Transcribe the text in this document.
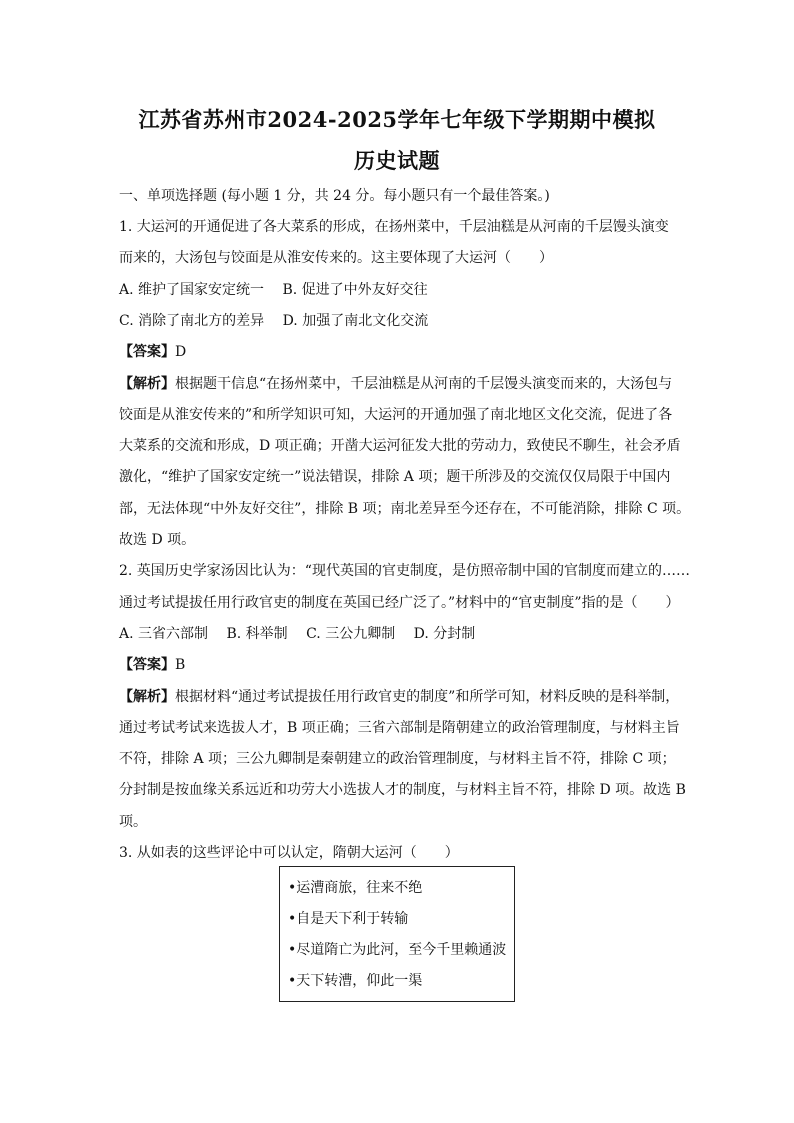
江苏省苏州市2024-2025学年七年级下学期期中模拟
历史试题
一、单项选择题 (每小题 1 分，共 24 分。每小题只有一个最佳答案。)
1. 大运河的开通促进了各大菜系的形成，在扬州菜中，千层油糕是从河南的千层馒头演变
而来的，大汤包与饺面是从淮安传来的。这主要体现了大运河（　　）
A. 维护了国家安定统一　 B. 促进了中外友好交往
C. 消除了南北方的差异　 D. 加强了南北文化交流
【答案】D
【解析】根据题干信息“在扬州菜中，千层油糕是从河南的千层馒头演变而来的，大汤包与
饺面是从淮安传来的”和所学知识可知，大运河的开通加强了南北地区文化交流，促进了各
大菜系的交流和形成，D 项正确；开凿大运河征发大批的劳动力，致使民不聊生，社会矛盾
激化，“维护了国家安定统一”说法错误，排除 A 项；题干所涉及的交流仅仅局限于中国内
部，无法体现“中外友好交往”，排除 B 项；南北差异至今还存在，不可能消除，排除 C 项。
故选 D 项。
2. 英国历史学家汤因比认为：“现代英国的官吏制度，是仿照帝制中国的官制度而建立的……
通过考试提拔任用行政官吏的制度在英国已经广泛了。”材料中的“官吏制度”指的是（　　）
A. 三省六部制　 B. 科举制　 C. 三公九卿制　 D. 分封制
【答案】B
【解析】根据材料“通过考试提拔任用行政官吏的制度”和所学可知，材料反映的是科举制，
通过考试考试来选拔人才，B 项正确；三省六部制是隋朝建立的政治管理制度，与材料主旨
不符，排除 A 项；三公九卿制是秦朝建立的政治管理制度，与材料主旨不符，排除 C 项；
分封制是按血缘关系远近和功劳大小选拔人才的制度，与材料主旨不符，排除 D 项。故选 B
项。
3. 从如表的这些评论中可以认定，隋朝大运河（　　）
•运漕商旅，往来不绝
•自是天下利于转输
•尽道隋亡为此河，至今千里赖通波
•天下转漕，仰此一渠
